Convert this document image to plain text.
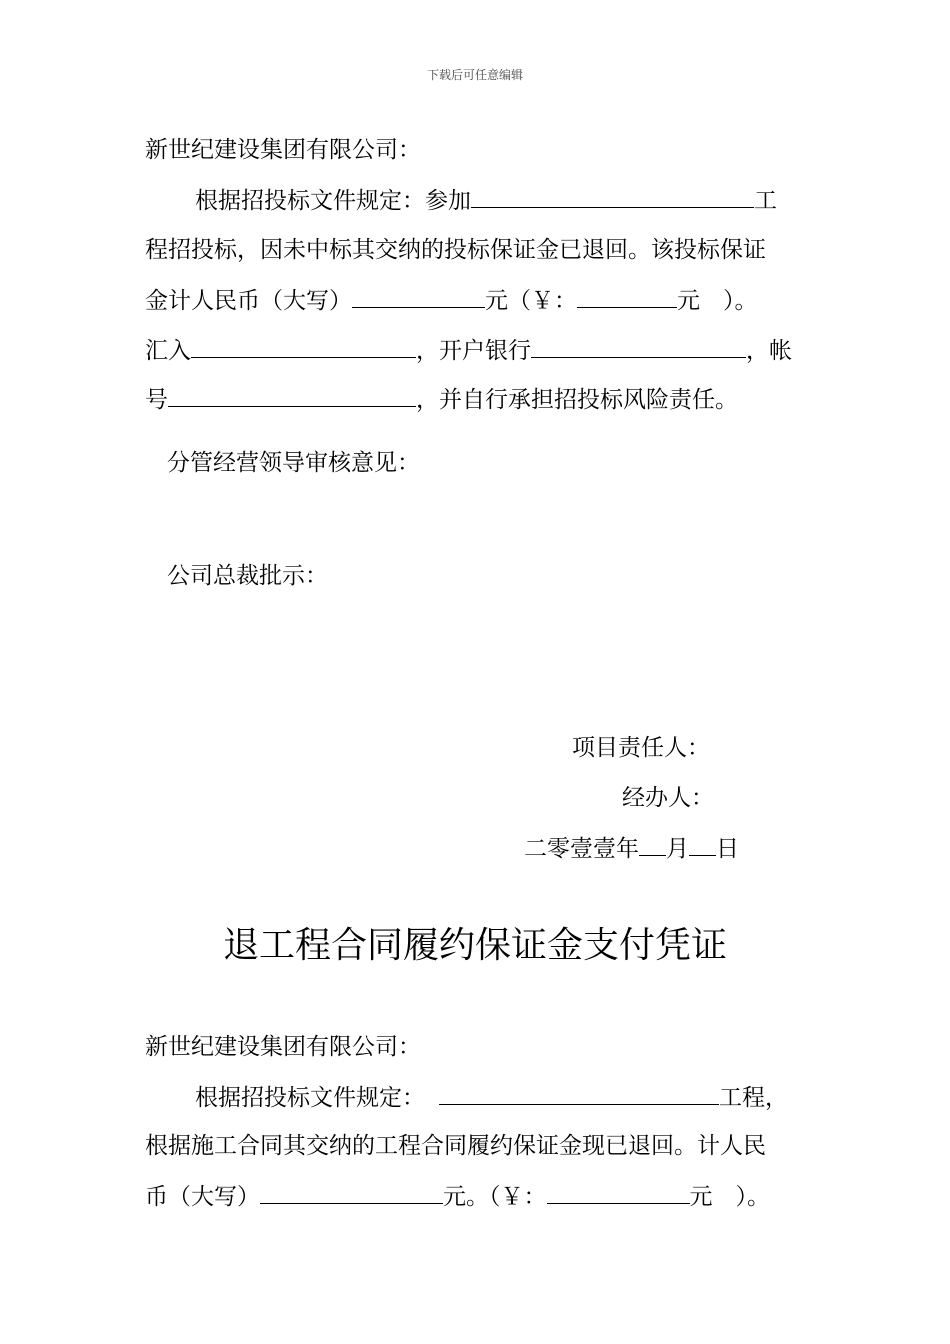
下载后可任意编辑
新世纪建设集团有限公司：
根据招投标文件规定：参加	工
程招投标，因未中标其交纳的投标保证金已退回。该投标保证
金计人民币（大写）	元（￥：	元　）。
汇入	，开户银行	，帐
号	，并自行承担招投标风险责任。
分管经营领导审核意见：
公司总裁批示：
项目责任人：
经办人：
二零壹壹年 月 日
退工程合同履约保证金支付凭证
新世纪建设集团有限公司：
根据招投标文件规定：	工程，
根据施工合同其交纳的工程合同履约保证金现已退回。计人民
币（大写）	元。（￥：	元　）。
